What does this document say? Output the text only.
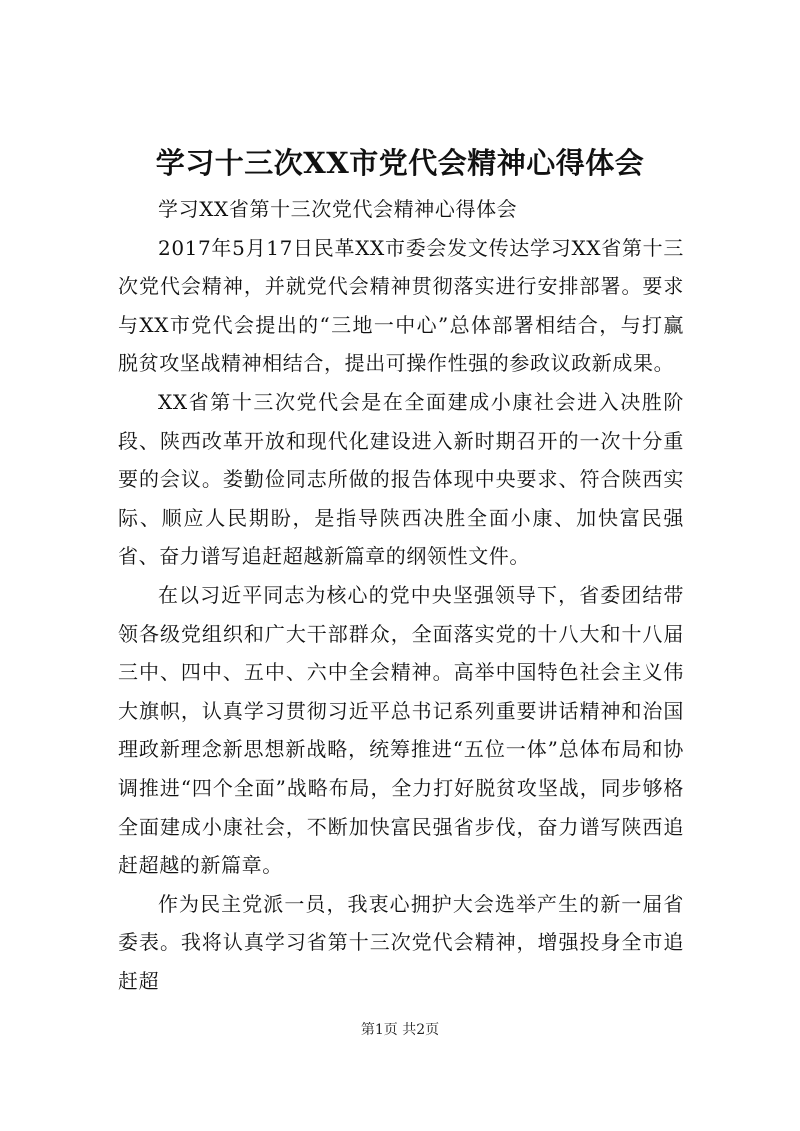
学习十三次XX市党代会精神心得体会

学习XX省第十三次党代会精神心得体会

2017年5月17日民革XX市委会发文传达学习XX省第十三次党代会精神，并就党代会精神贯彻落实进行安排部署。要求与XX市党代会提出的“三地一中心”总体部署相结合，与打赢脱贫攻坚战精神相结合，提出可操作性强的参政议政新成果。

XX省第十三次党代会是在全面建成小康社会进入决胜阶段、陕西改革开放和现代化建设进入新时期召开的一次十分重要的会议。娄勤俭同志所做的报告体现中央要求、符合陕西实际、顺应人民期盼，是指导陕西决胜全面小康、加快富民强省、奋力谱写追赶超越新篇章的纲领性文件。

在以习近平同志为核心的党中央坚强领导下，省委团结带领各级党组织和广大干部群众，全面落实党的十八大和十八届三中、四中、五中、六中全会精神。高举中国特色社会主义伟大旗帜，认真学习贯彻习近平总书记系列重要讲话精神和治国理政新理念新思想新战略，统筹推进“五位一体”总体布局和协调推进“四个全面”战略布局，全力打好脱贫攻坚战，同步够格全面建成小康社会，不断加快富民强省步伐，奋力谱写陕西追赶超越的新篇章。

作为民主党派一员，我衷心拥护大会选举产生的新一届省委表。我将认真学习省第十三次党代会精神，增强投身全市追赶超

第1页 共2页
